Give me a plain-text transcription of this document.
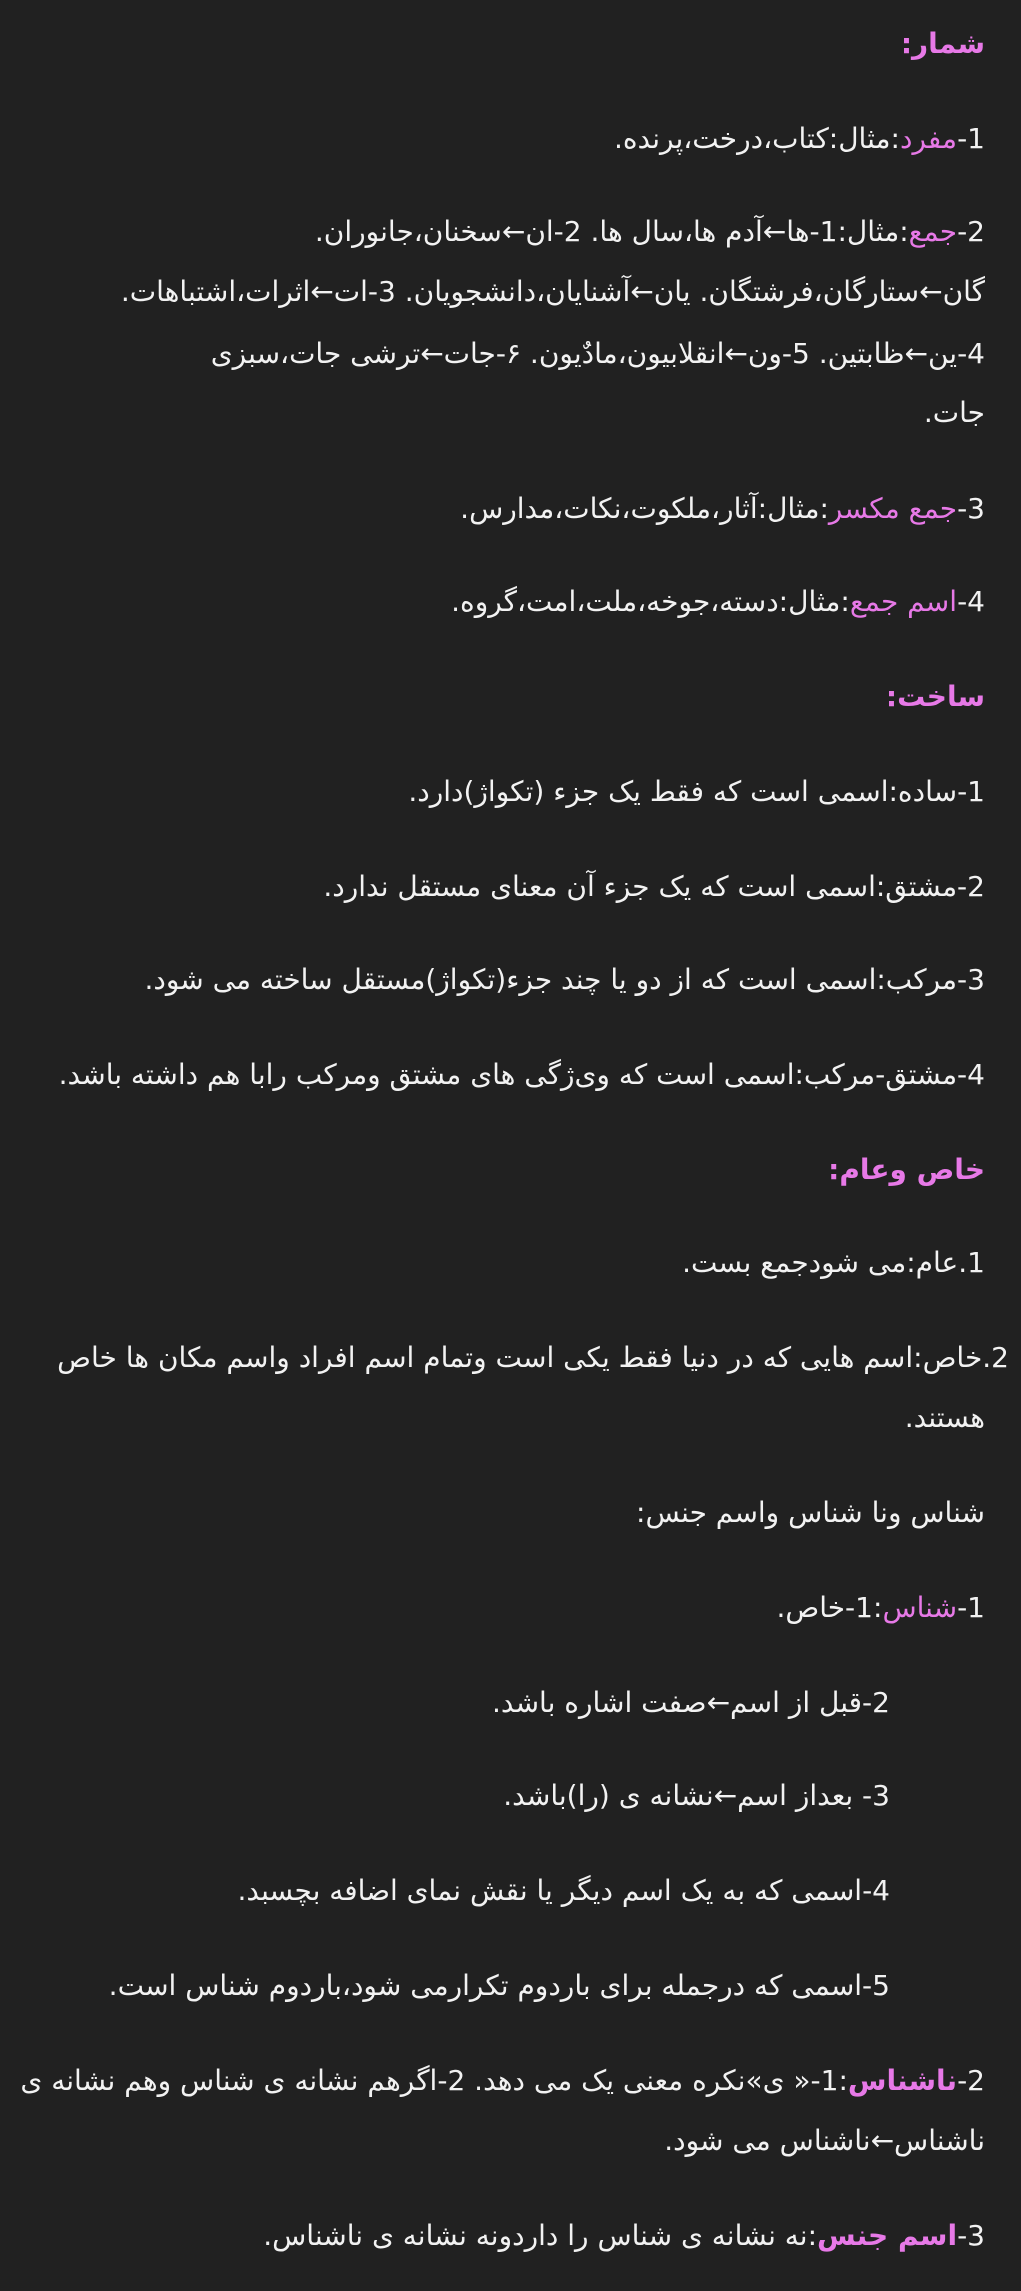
شمار:

1-مفرد:مثال:کتاب،درخت،پرنده.

2-جمع:مثال:1-ها←آدم ها،سال ها. 2-ان←سخنان،جانوران.

گان←ستارگان،فرشتگان. یان←آشنایان،دانشجویان. 3-ات←اثرات،اشتباهات.

4-ین←ظابتین. 5-ون←انقلابیون،مادٌیون. ۶-جات←ترشی جات،سبزی

جات.

3-جمع مکسر:مثال:آثار،ملکوت،نکات،مدارس.

4-اسم جمع:مثال:دسته،جوخه،ملت،امت،گروه.

ساخت:

1-ساده:اسمی است که فقط یک جزء (تکواژ)دارد.

2-مشتق:اسمی است که یک جزء آن معنای مستقل ندارد.

3-مرکب:اسمی است که از دو یا چند جزء(تکواژ)مستقل ساخته می شود.

4-مشتق-مرکب:اسمی است که وی‌ژگی های مشتق ومرکب رابا هم داشته باشد.

خاص وعام:

1.عام:می شودجمع بست.

2.خاص:اسم هایی که در دنیا فقط یکی است وتمام اسم افراد واسم مکان ها خاص

هستند.

شناس ونا شناس واسم جنس:

1-شناس:1-خاص.

2-قبل از اسم←صفت اشاره باشد.

3- بعداز اسم←نشانه ی (را)باشد.

4-اسمی که به یک اسم دیگر یا نقش نمای اضافه بچسبد.

5-اسمی که درجمله برای باردوم تکرارمی شود،باردوم شناس است.

2-ناشناس:1-« ی»نکره معنی یک می دهد. 2-اگرهم نشانه ی شناس وهم نشانه ی

ناشناس←ناشناس می شود.

3-اسم جنس:نه نشانه ی شناس را داردونه نشانه ی ناشناس.
